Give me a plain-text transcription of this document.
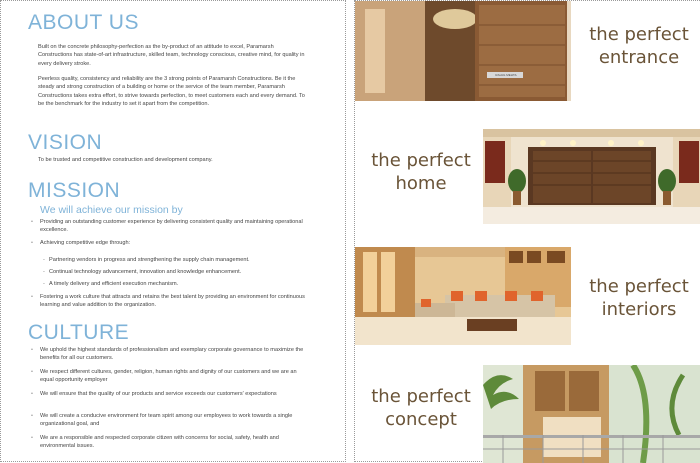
ABOUT US

Built on the concrete philosophy-perfection as the by-product of an attitude to excel, Paramarsh Constructions has state-of-art infrastructure, skilled team, technology conscious, creative mind, for quality in every delivery stroke.

Peerless quality, consistency and reliability are the 3 strong points of Paramarsh Constructions. Be it the steady and strong construction of a building or home or the service of the team member, Paramarsh Constructions takes extra effort, to strive towards perfection, to meet customers each and every demand. To be the benchmark for the industry to set it apart from the competition.

VISION

To be trusted and competitive construction and development company.

MISSION
We will achieve our mission by
•	Providing an outstanding customer experience by delivering consistent quality and maintaining operational excellence.
•	Achieving competitive edge through:
- Partnering vendors in progress and strengthening the supply chain management.
- Continual technology advancement, innovation and knowledge enhancement.
- A timely delivery and efficient execution mechanism.
•	Fostering a work culture that attracts and retains the best talent by providing an environment for continuous learning and value addition to the organization.
CULTURE
•	We uphold the highest standards of professionalism and exemplary corporate governance to maximize the benefits for all our customers.
•	We respect different cultures, gender, religion, human rights and dignity of our customers and we are an equal opportunity employer
•	We will ensure that the quality of our products and service exceeds our customers' expectations
•	We will create a conducive environment for team spirit among our employees to work towards a single organizational goal, and
•	We are a responsible and respected corporate citizen with concerns for social, safety, health and environmental issues.
RAHUL MEHTA
the perfect
entrance
the perfect
home
the perfect
interiors
the perfect
concept
